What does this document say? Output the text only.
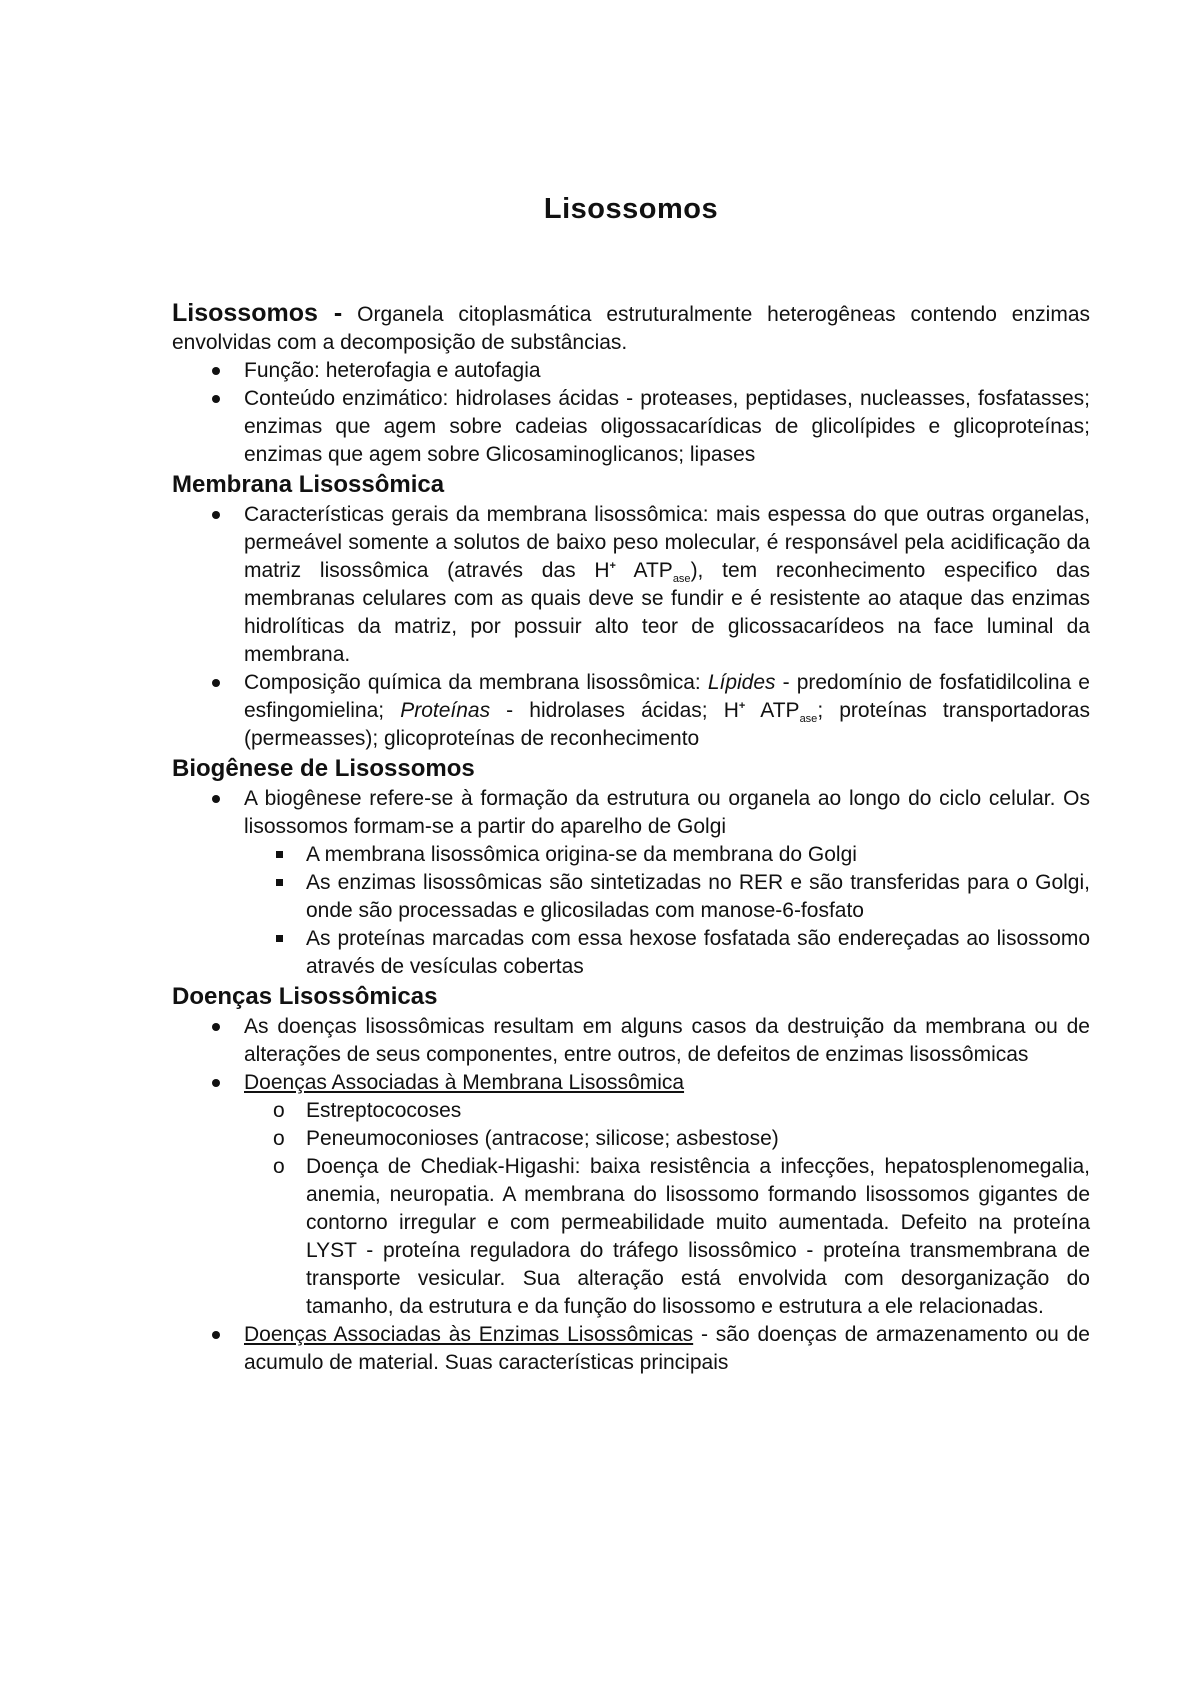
Lisossomos

Lisossomos - Organela citoplasmática estruturalmente heterogêneas contendo enzimas envolvidas com a decomposição de substâncias.

Função: heterofagia e autofagia
Conteúdo enzimático: hidrolases ácidas - proteases, peptidases, nucleasses, fosfatasses; enzimas que agem sobre cadeias oligossacarídicas de glicolípides e glicoproteínas; enzimas que agem sobre Glicosaminoglicanos; lipases
Membrana Lisossômica
Características gerais da membrana lisossômica: mais espessa do que outras organelas, permeável somente a solutos de baixo peso molecular, é responsável pela acidificação da matriz lisossômica (através das H+ $ATP_{ase}$), tem reconhecimento especifico das membranas celulares com as quais deve se fundir e é resistente ao ataque das enzimas hidrolíticas da matriz, por possuir alto teor de glicossacarídeos na face luminal da membrana.
Composição química da membrana lisossômica: Lípides - predomínio de fosfatidilcolina e esfingomielina; Proteínas - hidrolases ácidas; H+ $ATP_{ase}$; proteínas transportadoras (permeasses); glicoproteínas de reconhecimento
Biogênese de Lisossomos
A biogênese refere-se à formação da estrutura ou organela ao longo do ciclo celular. Os lisossomos formam-se a partir do aparelho de Golgi
A membrana lisossômica origina-se da membrana do Golgi
As enzimas lisossômicas são sintetizadas no RER e são transferidas para o Golgi, onde são processadas e glicosiladas com manose-6-fosfato
As proteínas marcadas com essa hexose fosfatada são endereçadas ao lisossomo através de vesículas cobertas
Doenças Lisossômicas
As doenças lisossômicas resultam em alguns casos da destruição da membrana ou de alterações de seus componentes, entre outros, de defeitos de enzimas lisossômicas
Doenças Associadas à Membrana Lisossômica
o Estreptococoses
o Peneumoconioses (antracose; silicose; asbestose)
o Doença de Chediak-Higashi: baixa resistência a infecções, hepatosplenomegalia, anemia, neuropatia. A membrana do lisossomo formando lisossomos gigantes de contorno irregular e com permeabilidade muito aumentada. Defeito na proteína LYST - proteína reguladora do tráfego lisossômico - proteína transmembrana de transporte vesicular. Sua alteração está envolvida com desorganização do tamanho, da estrutura e da função do lisossomo e estrutura a ele relacionadas.
Doenças Associadas às Enzimas Lisossômicas - são doenças de armazenamento ou de acumulo de material. Suas características principais
